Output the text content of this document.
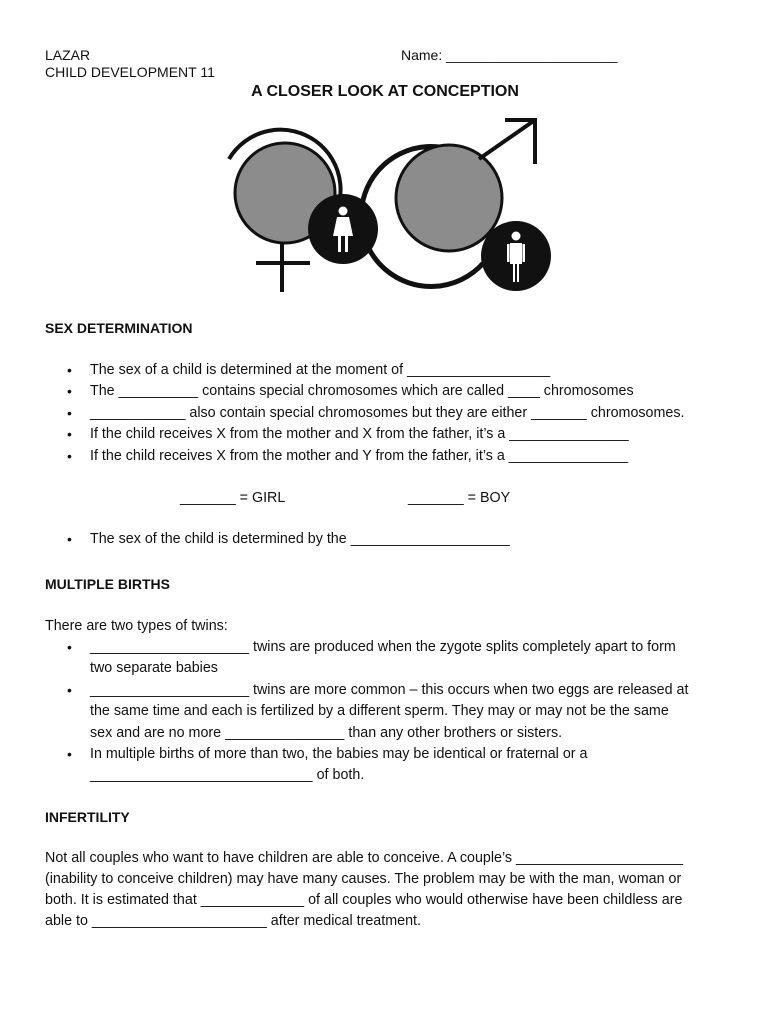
LAZAR
CHILD DEVELOPMENT 11
Name: ______________________
A CLOSER LOOK AT CONCEPTION
SEX DETERMINATION
• The sex of a child is determined at the moment of __________________
• The __________ contains special chromosomes which are called ____ chromosomes
• ____________ also contain special chromosomes but they are either _______ chromosomes.
• If the child receives X from the mother and X from the father, it’s a _______________
• If the child receives X from the mother and Y from the father, it’s a _______________
_______ = GIRL	_______ = BOY
• The sex of the child is determined by the ____________________
MULTIPLE BIRTHS
There are two types of twins:
• ____________________ twins are produced when the zygote splits completely apart to form
two separate babies
• ____________________ twins are more common – this occurs when two eggs are released at
the same time and each is fertilized by a different sperm. They may or may not be the same
sex and are no more _______________ than any other brothers or sisters.
• In multiple births of more than two, the babies may be identical or fraternal or a
____________________________ of both.
INFERTILITY
Not all couples who want to have children are able to conceive. A couple’s _____________________
(inability to conceive children) may have many causes. The problem may be with the man, woman or
both. It is estimated that _____________ of all couples who would otherwise have been childless are
able to ______________________ after medical treatment.
